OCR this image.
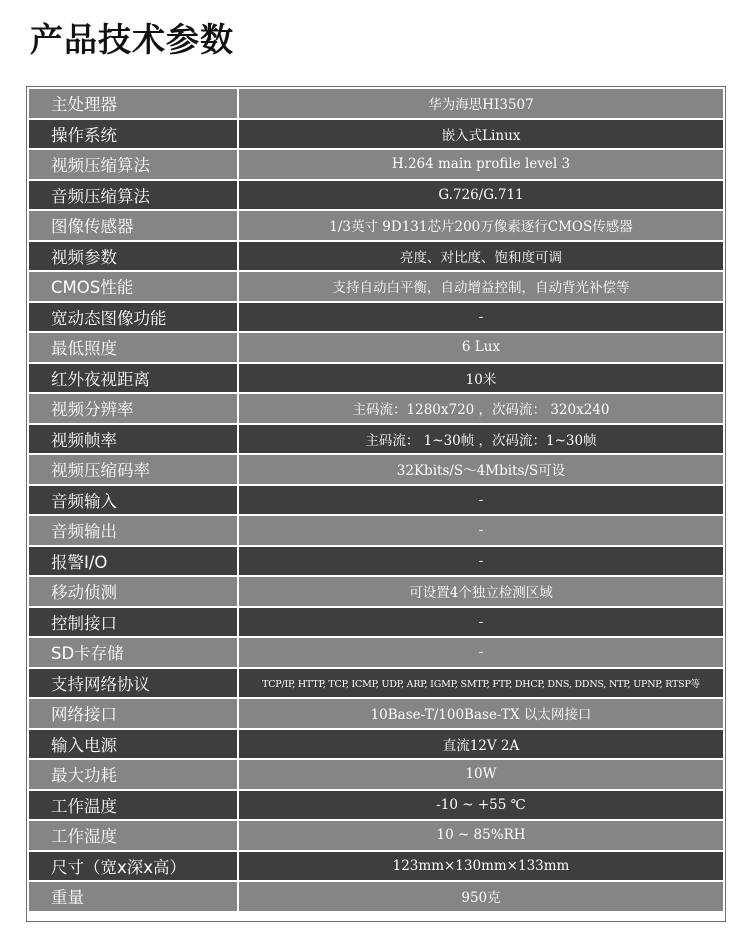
产品技术参数
主处理器	华为海思HI3507
操作系统	嵌入式Linux
视频压缩算法	H.264 main profile level 3
音频压缩算法	G.726/G.711
图像传感器	1/3英寸 9D131芯片200万像素逐行CMOS传感器
视频参数	亮度、对比度、饱和度可调
CMOS性能	支持自动白平衡，自动增益控制，自动背光补偿等
宽动态图像功能	-
最低照度	6 Lux
红外夜视距离	10米
视频分辨率	主码流：1280x720 ，次码流： 320x240
视频帧率	主码流： 1~30帧 ，次码流：1~30帧
视频压缩码率	32Kbits/S～4Mbits/S可设
音频输入	-
音频输出	-
报警I/O	-
移动侦测	可设置4个独立检测区域
控制接口	-
SD卡存储	-
支持网络协议	TCP/IP, HTTP, TCP, ICMP, UDP, ARP, IGMP, SMTP, FTP, DHCP, DNS, DDNS, NTP, UPNP, RTSP等
网络接口	10Base-T/100Base-TX 以太网接口
输入电源	直流12V 2A
最大功耗	10W
工作温度	-10 ~ +55 ℃
工作湿度	10 ~ 85%RH
尺寸（宽x深x高）	123mm×130mm×133mm
重量	950克
